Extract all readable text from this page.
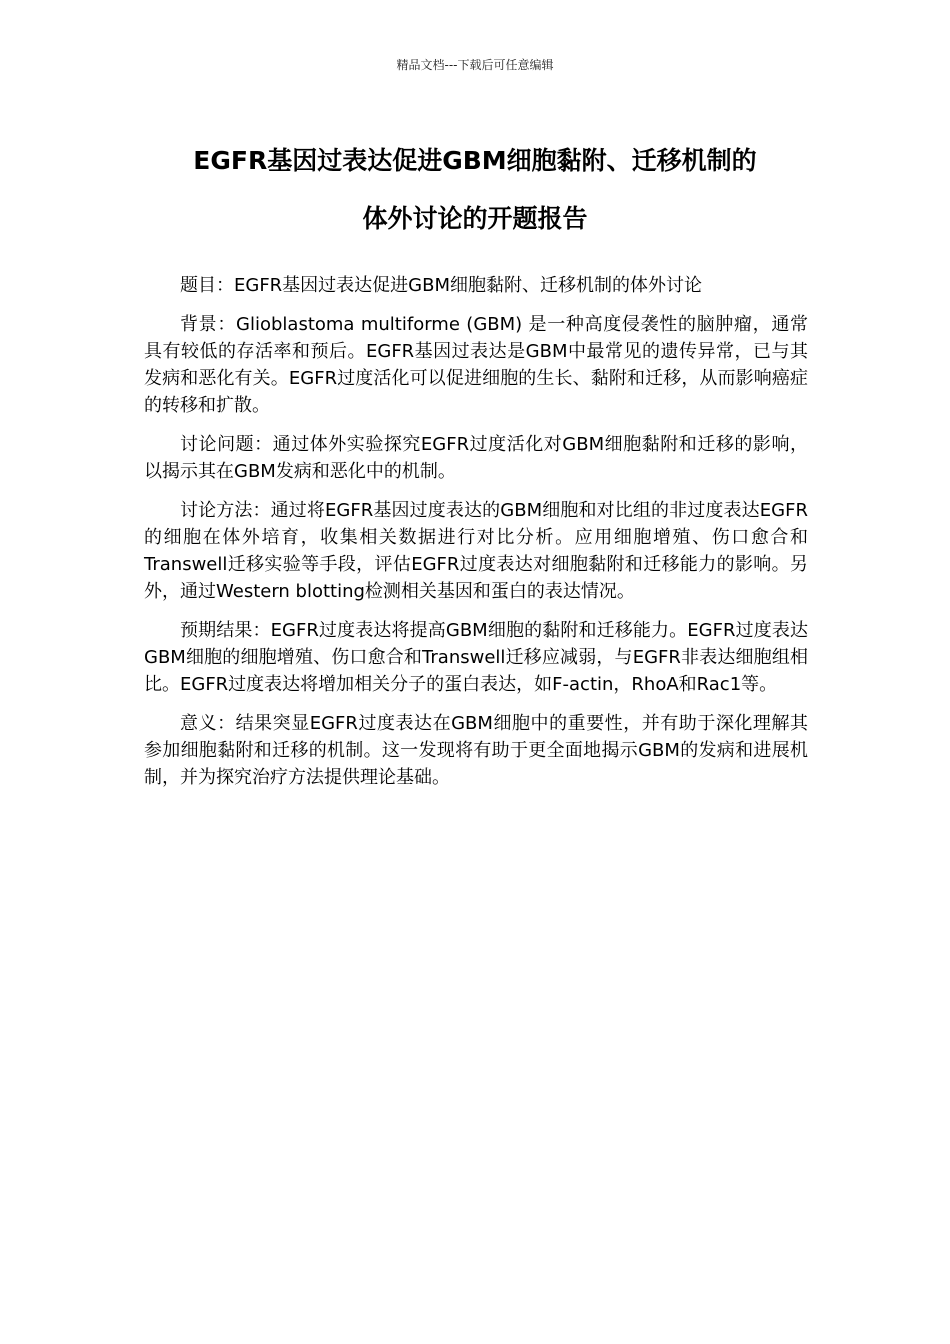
精品文档---下载后可任意编辑
EGFR基因过表达促进GBM细胞黏附、迁移机制的
体外讨论的开题报告

题目：EGFR基因过表达促进GBM细胞黏附、迁移机制的体外讨论

背景：Glioblastoma multiforme (GBM) 是一种高度侵袭性的脑肿瘤，通常具有较低的存活率和预后。EGFR基因过表达是GBM中最常见的遗传异常，已与其发病和恶化有关。EGFR过度活化可以促进细胞的生长、黏附和迁移，从而影响癌症的转移和扩散。

讨论问题：通过体外实验探究EGFR过度活化对GBM细胞黏附和迁移的影响，以揭示其在GBM发病和恶化中的机制。

讨论方法：通过将EGFR基因过度表达的GBM细胞和对比组的非过度表达EGFR的细胞在体外培育，收集相关数据进行对比分析。应用细胞增殖、伤口愈合和Transwell迁移实验等手段，评估EGFR过度表达对细胞黏附和迁移能力的影响。另外，通过Western blotting检测相关基因和蛋白的表达情况。

预期结果：EGFR过度表达将提高GBM细胞的黏附和迁移能力。EGFR过度表达GBM细胞的细胞增殖、伤口愈合和Transwell迁移应减弱，与EGFR非表达细胞组相比。EGFR过度表达将增加相关分子的蛋白表达，如F-actin，RhoA和Rac1等。

意义：结果突显EGFR过度表达在GBM细胞中的重要性，并有助于深化理解其参加细胞黏附和迁移的机制。这一发现将有助于更全面地揭示GBM的发病和进展机制，并为探究治疗方法提供理论基础。
